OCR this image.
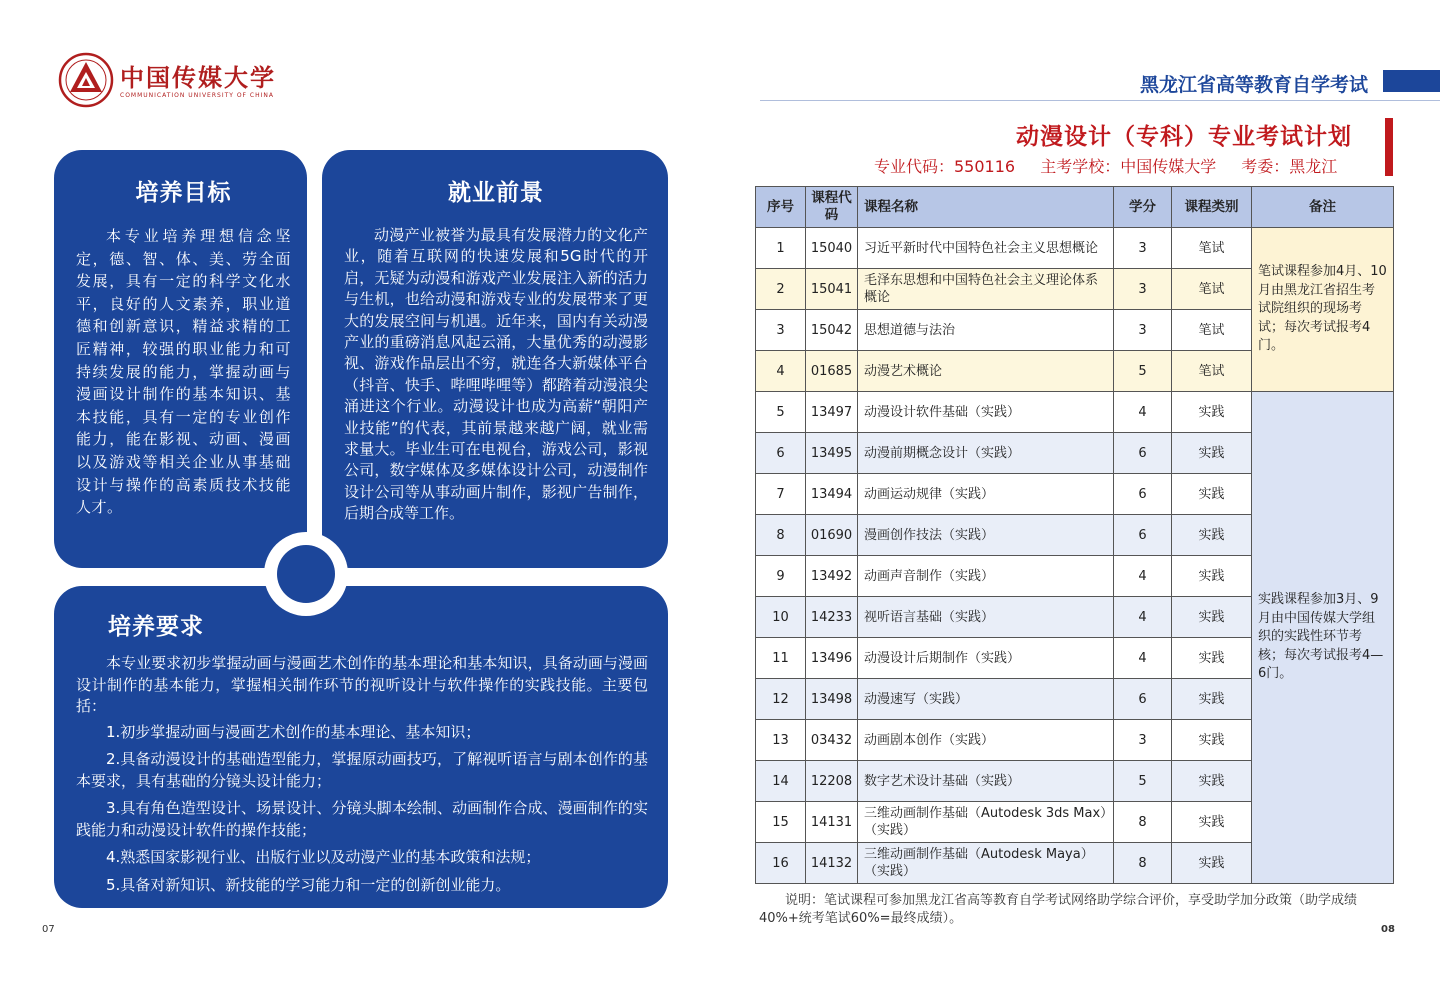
中国传媒大学
COMMUNICATION UNIVERSITY OF CHINA
培养目标

本专业培养理想信念坚定，德、智、体、美、劳全面发展，具有一定的科学文化水平，良好的人文素养，职业道德和创新意识，精益求精的工匠精神，较强的职业能力和可持续发展的能力，掌握动画与漫画设计制作的基本知识、基本技能，具有一定的专业创作能力，能在影视、动画、漫画以及游戏等相关企业从事基础设计与操作的高素质技术技能人才。

就业前景

动漫产业被誉为最具有发展潜力的文化产业，随着互联网的快速发展和5G时代的开启，无疑为动漫和游戏产业发展注入新的活力与生机，也给动漫和游戏专业的发展带来了更大的发展空间与机遇。近年来，国内有关动漫产业的重磅消息风起云涌，大量优秀的动漫影视、游戏作品层出不穷，就连各大新媒体平台（抖音、快手、哔哩哔哩等）都踏着动漫浪尖涌进这个行业。动漫设计也成为高薪“朝阳产业技能”的代表，其前景越来越广阔，就业需求量大。毕业生可在电视台，游戏公司，影视公司，数字媒体及多媒体设计公司，动漫制作设计公司等从事动画片制作，影视广告制作，后期合成等工作。

培养要求

本专业要求初步掌握动画与漫画艺术创作的基本理论和基本知识，具备动画与漫画设计制作的基本能力，掌握相关制作环节的视听设计与软件操作的实践技能。主要包括：

1.初步掌握动画与漫画艺术创作的基本理论、基本知识；

2.具备动漫设计的基础造型能力，掌握原动画技巧，了解视听语言与剧本创作的基本要求，具有基础的分镜头设计能力；

3.具有角色造型设计、场景设计、分镜头脚本绘制、动画制作合成、漫画制作的实践能力和动漫设计软件的操作技能；

4.熟悉国家影视行业、出版行业以及动漫产业的基本政策和法规；

5.具备对新知识、新技能的学习能力和一定的创新创业能力。

07
黑龙江省高等教育自学考试
动漫设计（专科）专业考试计划
专业代码：550116 主考学校：中国传媒大学 考委：黑龙江
序号	课程代码	课程名称	学分	课程类别	备注
1	15040	习近平新时代中国特色社会主义思想概论	3	笔试	笔试课程参加4月、10月由黑龙江省招生考试院组织的现场考试；每次考试报考4门。
2	15041	毛泽东思想和中国特色社会主义理论体系概论	3	笔试	
3	15042	思想道德与法治	3	笔试	
4	01685	动漫艺术概论	5	笔试	
5	13497	动漫设计软件基础（实践）	4	实践	实践课程参加3月、9月由中国传媒大学组织的实践性环节考核；每次考试报考4—6门。
6	13495	动漫前期概念设计（实践）	6	实践	
7	13494	动画运动规律（实践）	6	实践	
8	01690	漫画创作技法（实践）	6	实践	
9	13492	动画声音制作（实践）	4	实践	
10	14233	视听语言基础（实践）	4	实践	
11	13496	动漫设计后期制作（实践）	4	实践	
12	13498	动漫速写（实践）	6	实践	
13	03432	动画剧本创作（实践）	3	实践	
14	12208	数字艺术设计基础（实践）	5	实践	
15	14131	三维动画制作基础（Autodesk 3ds Max）（实践）	8	实践	
16	14132	三维动画制作基础（Autodesk Maya）（实践）	8	实践	
说明：笔试课程可参加黑龙江省高等教育自学考试网络助学综合评价，享受助学加分政策（助学成绩40%+统考笔试60%=最终成绩）。
08
